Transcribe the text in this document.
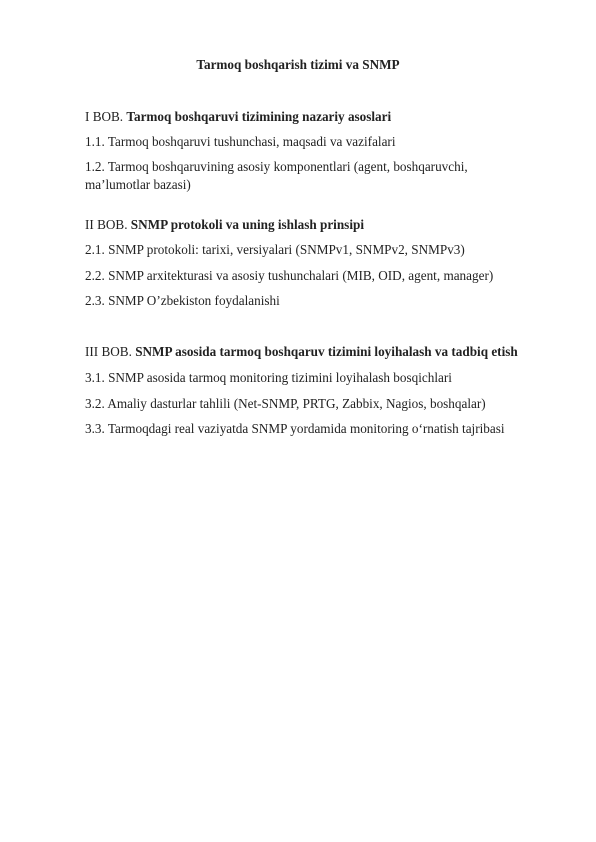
Tarmoq boshqarish tizimi va SNMP
I BOB. Tarmoq boshqaruvi tizimining nazariy asoslari
1.1. Tarmoq boshqaruvi tushunchasi, maqsadi va vazifalari
1.2. Tarmoq boshqaruvining asosiy komponentlari (agent, boshqaruvchi, ma’lumotlar bazasi)
II BOB. SNMP protokoli va uning ishlash prinsipi
2.1. SNMP protokoli: tarixi, versiyalari (SNMPv1, SNMPv2, SNMPv3)
2.2. SNMP arxitekturasi va asosiy tushunchalari (MIB, OID, agent, manager)
2.3. SNMP O’zbekiston foydalanishi
III BOB. SNMP asosida tarmoq boshqaruv tizimini loyihalash va tadbiq etish
3.1. SNMP asosida tarmoq monitoring tizimini loyihalash bosqichlari
3.2. Amaliy dasturlar tahlili (Net-SNMP, PRTG, Zabbix, Nagios, boshqalar)
3.3. Tarmoqdagi real vaziyatda SNMP yordamida monitoring o‘rnatish tajribasi
